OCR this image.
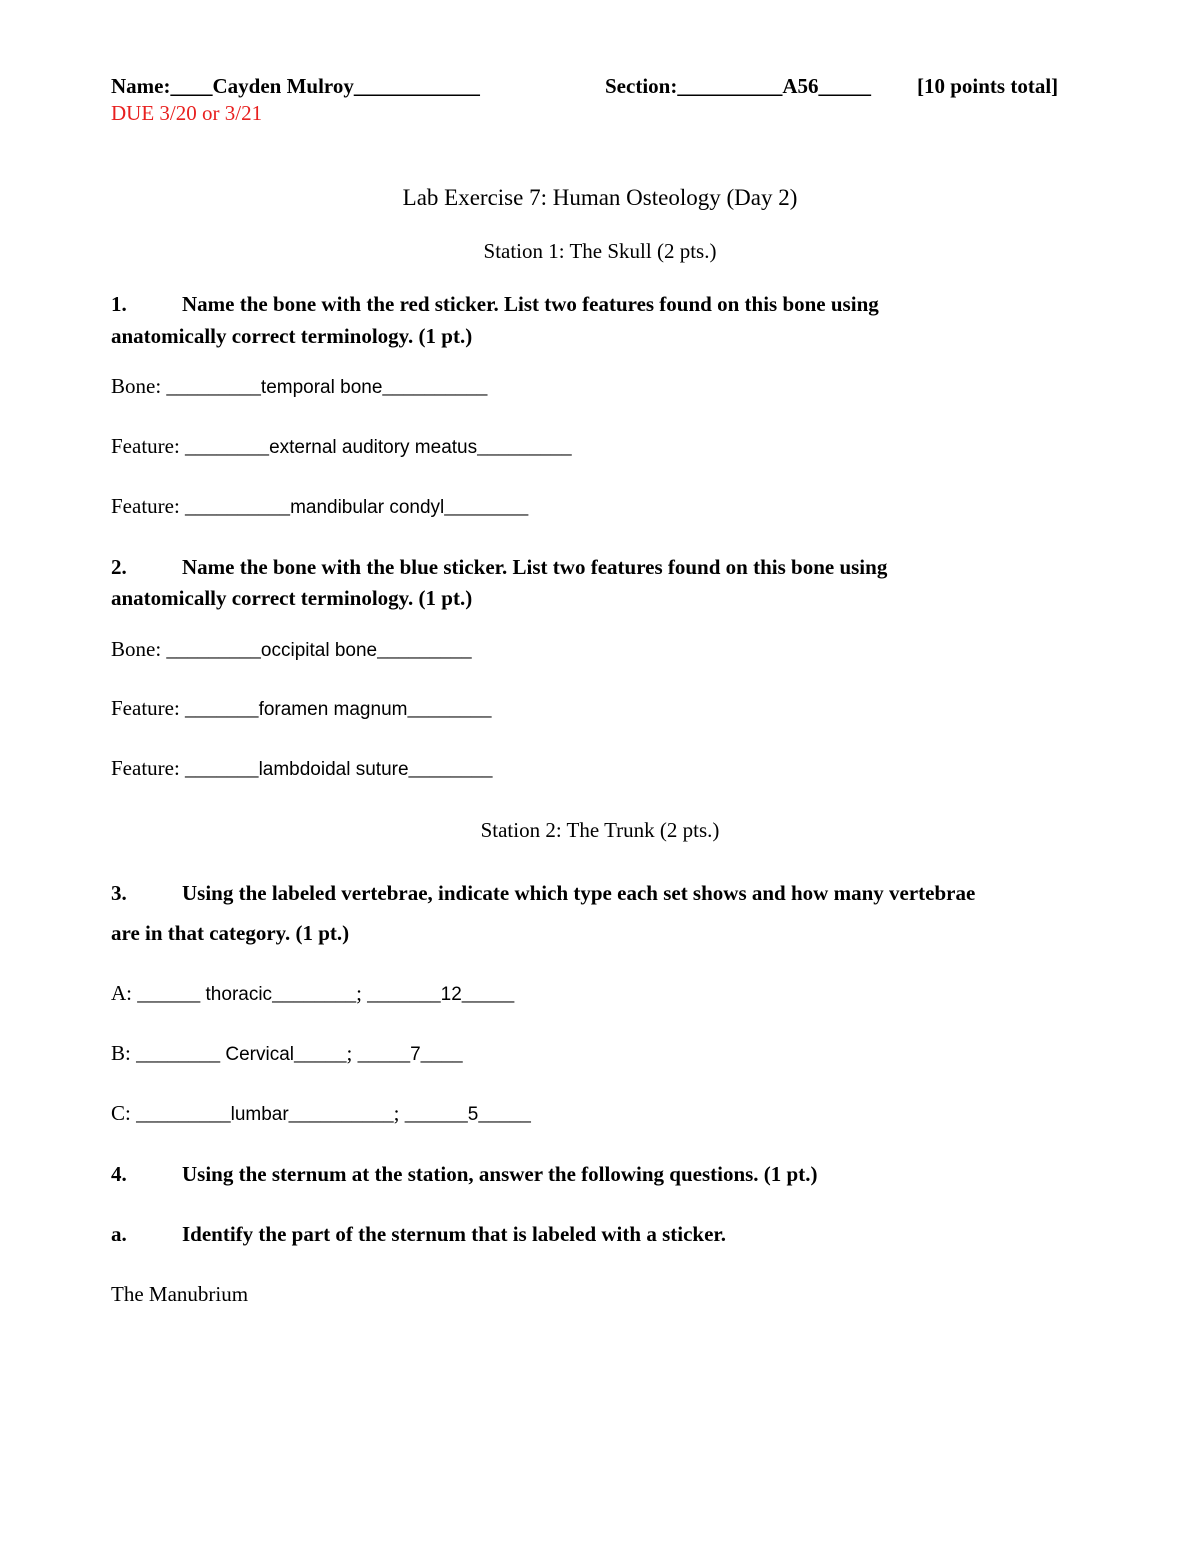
Name:____Cayden Mulroy____________	Section:__________A56_____ [10 points total]
DUE 3/20 or 3/21
Lab Exercise 7: Human Osteology (Day 2)
Station 1: The Skull (2 pts.)
1.	Name the bone with the red sticker. List two features found on this bone using
anatomically correct terminology. (1 pt.)
Bone: _________temporal bone__________
Feature: ________external auditory meatus_________
Feature: __________mandibular condyl________
2.	Name the bone with the blue sticker. List two features found on this bone using
anatomically correct terminology. (1 pt.)
Bone: _________occipital bone_________
Feature: _______foramen magnum________
Feature: _______lambdoidal suture________
Station 2: The Trunk (2 pts.)
3.	Using the labeled vertebrae, indicate which type each set shows and how many vertebrae
are in that category. (1 pt.)
A: ______ thoracic________; _______12_____
B: ________ Cervical_____; _____7____
C: _________lumbar__________; ______5_____
4.	Using the sternum at the station, answer the following questions. (1 pt.)
a.	Identify the part of the sternum that is labeled with a sticker.
The Manubrium
